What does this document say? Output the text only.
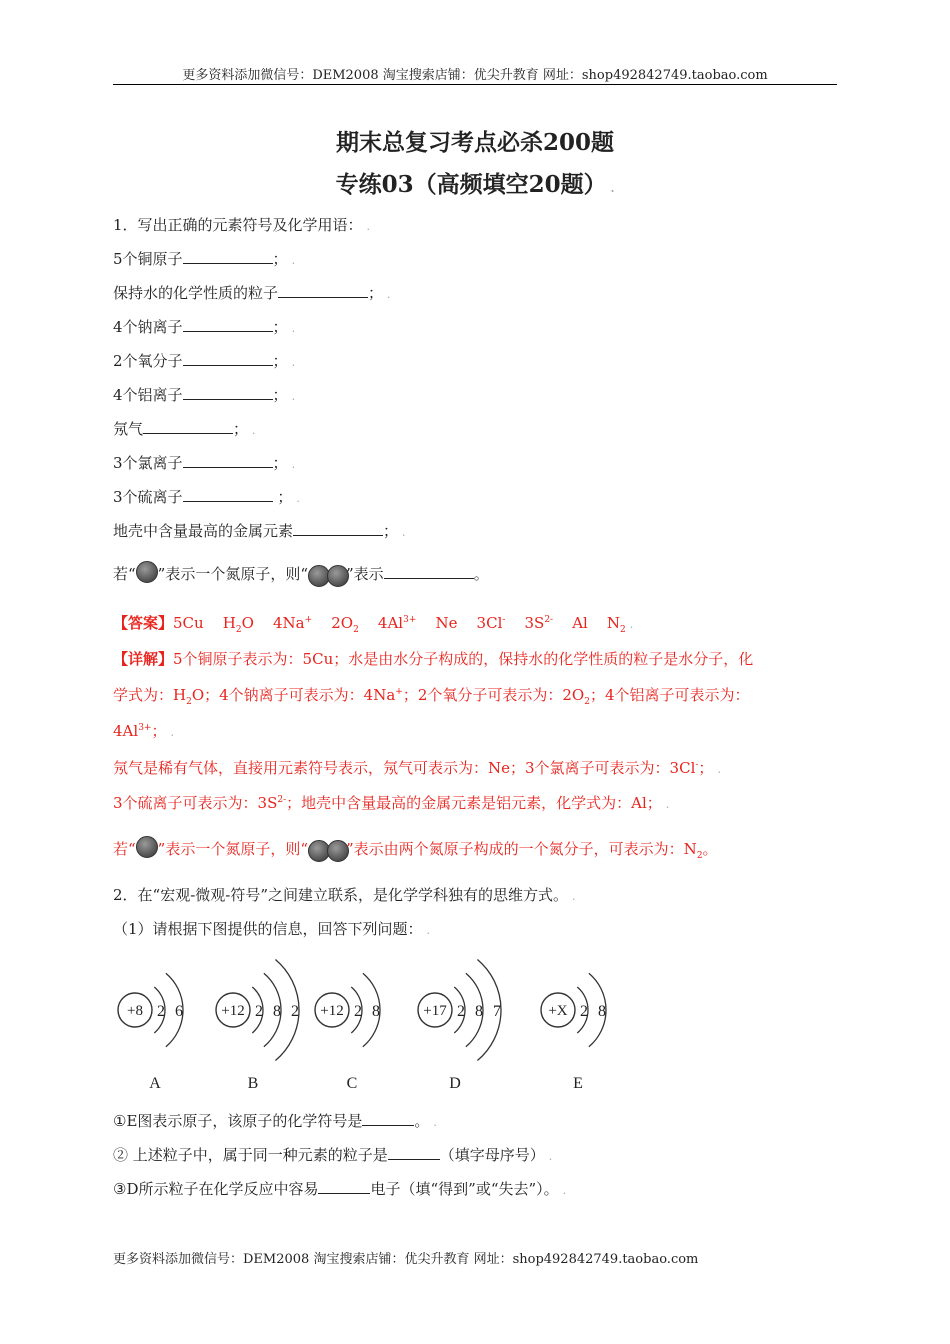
更多资料添加微信号：DEM2008 淘宝搜索店铺：优尖升教育 网址：shop492842749.taobao.com
期末总复习考点必杀200题
专练03（高频填空20题） .
1．写出正确的元素符号及化学用语： .
5个铜原子	； .
保持水的化学性质的粒子	； .
4个钠离子	； .
2个氧分子	； .
4个铝离子	； .
氖气	； .
3个氯离子	； .
3个硫离子	； .
地壳中含量最高的金属元素	； .
若“ ”表示一个氮原子，则“	”表示	。
【答案】5Cu $H_2O$ 4Na+ $2O_2$ $4Al^{3+}$ Ne 3Cl- $3S^{2-}$ Al $N_2$ .
【详解】5个铜原子表示为：5Cu；水是由水分子构成的，保持水的化学性质的粒子是水分子，化
学式为：$H_2O$；4个钠离子可表示为：4Na+；2个氧分子可表示为：$2O_2$；4个铝离子可表示为：
$4Al^{3+}$； .
氖气是稀有气体，直接用元素符号表示，氖气可表示为：Ne；3个氯离子可表示为：3Cl-； .
3个硫离子可表示为：$3S^{2-}$；地壳中含量最高的金属元素是铝元素，化学式为：Al； .
若“ ”表示一个氮原子，则“	”表示由两个氮原子构成的一个氮分子，可表示为：$N_2$。
2．在“宏观-微观-符号”之间建立联系，是化学学科独有的思维方式。 .
（1）请根据下图提供的信息，回答下列问题： .
+8 2 6
A
+12 2 8 2
B
+12 2 8
C
+17 2 8 7
D
+X 2 8
E
①E图表示原子，该原子的化学符号是	。 .
② 上述粒子中，属于同一种元素的粒子是	（填字母序号） .
③D所示粒子在化学反应中容易	电子（填“得到”或“失去”）。 .
更多资料添加微信号：DEM2008 淘宝搜索店铺：优尖升教育 网址：shop492842749.taobao.com
